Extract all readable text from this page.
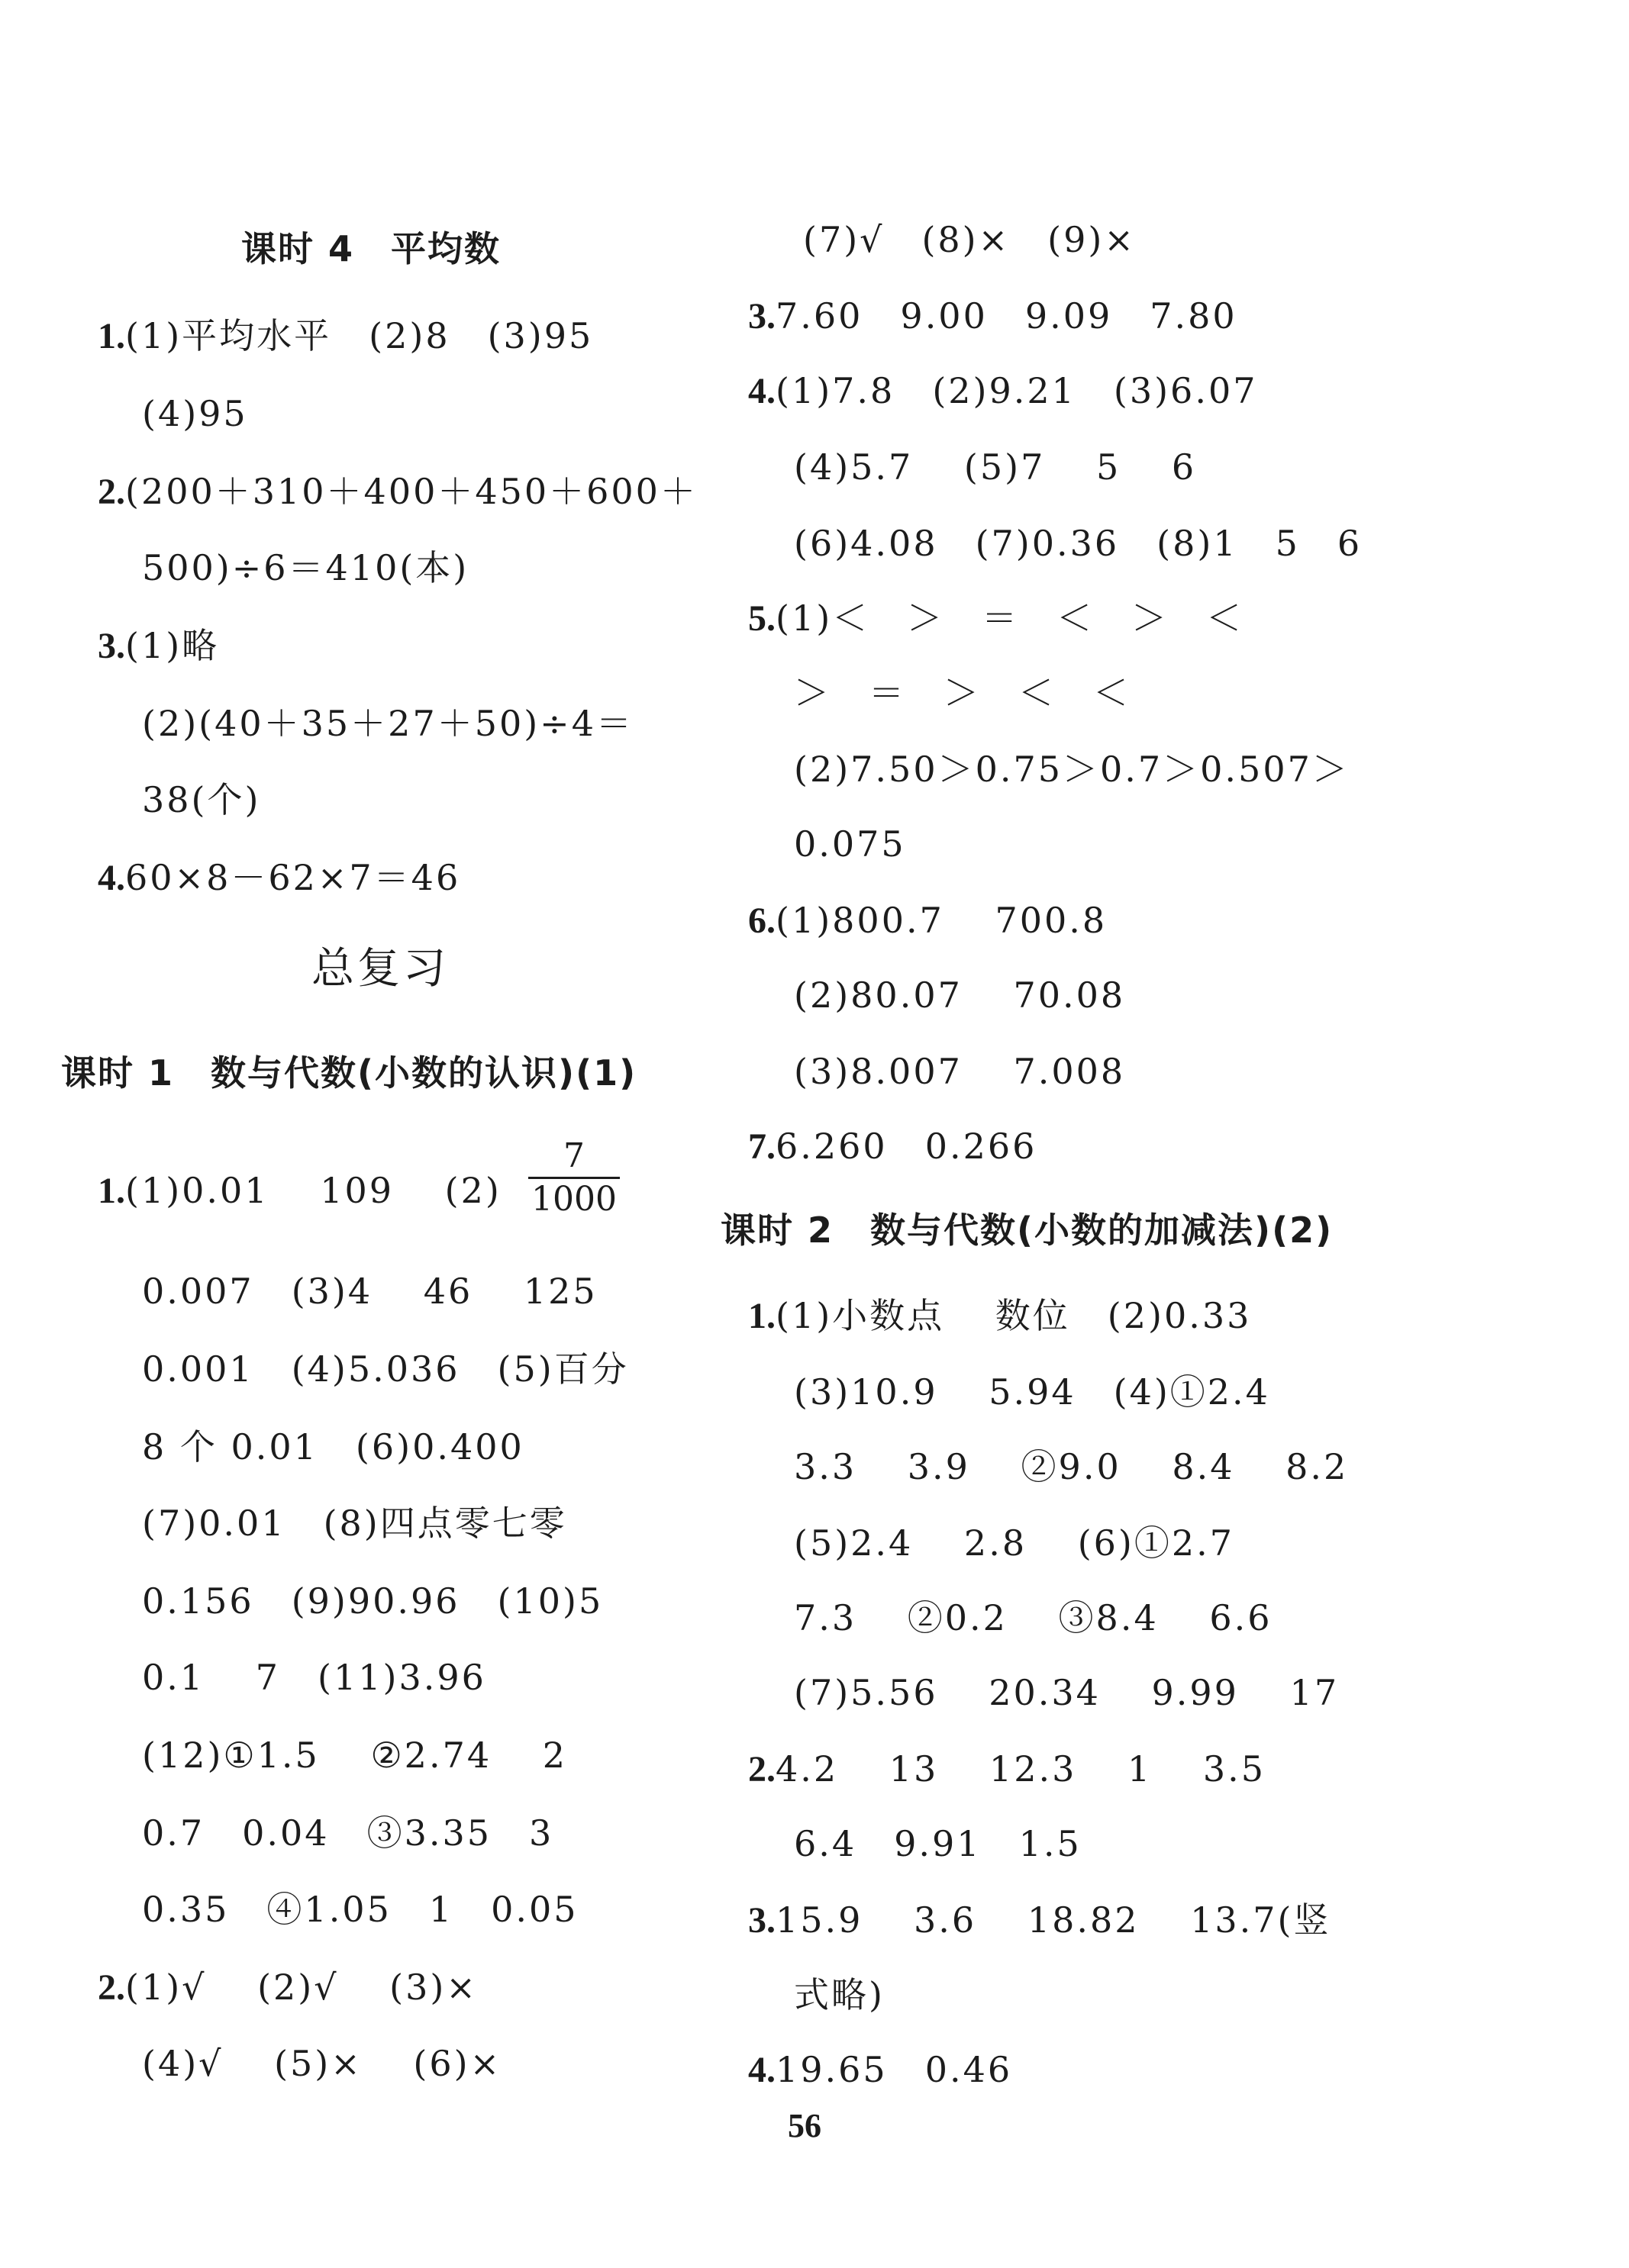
课时 4　平均数
1.(1)平均水平　(2)8　(3)95
(4)95
2.(200＋310＋400＋450＋600＋
500)÷6＝410(本)
3.(1)略
(2)(40＋35＋27＋50)÷4＝
38(个)
4.60×8－62×7＝46
总复习
课时 1　数与代数(小数的认识)(1)
1.(1)0.01　 109　 (2)
7
1000
0.007　(3)4　 46　 125
0.001　(4)5.036　(5)百分
8 个 0.01　(6)0.400
(7)0.01　(8)四点零七零
0.156　(9)90.96　(10)5
0.1　 7　(11)3.96
(12)①1.5　 ②2.74　 2
0.7　0.04　③3.35　3
0.35　④1.05　1　0.05
2.(1)√　 (2)√　 (3)×
(4)√　 (5)×　 (6)×
(7)√　(8)×　(9)×
3.7.60　9.00　9.09　7.80
4.(1)7.8　(2)9.21　(3)6.07
(4)5.7　 (5)7　 5　 6
(6)4.08　(7)0.36　(8)1　5　6
5.(1)＜　＞　＝　＜　＞　＜
＞　＝　＞　＜　＜
(2)7.50＞0.75＞0.7＞0.507＞
0.075
6.(1)800.7　 700.8
(2)80.07　 70.08
(3)8.007　 7.008
7.6.260　0.266
课时 2　数与代数(小数的加减法)(2)
1.(1)小数点　 数位　(2)0.33
(3)10.9　 5.94　(4)①2.4
3.3　 3.9　 ②9.0　 8.4　 8.2
(5)2.4　 2.8　 (6)①2.7
7.3　 ②0.2　 ③8.4　 6.6
(7)5.56　 20.34　 9.99　 17
2.4.2　 13　 12.3　 1　 3.5
6.4　9.91　1.5
3.15.9　 3.6　 18.82　 13.7(竖
式略)
4.19.65　0.46
56
